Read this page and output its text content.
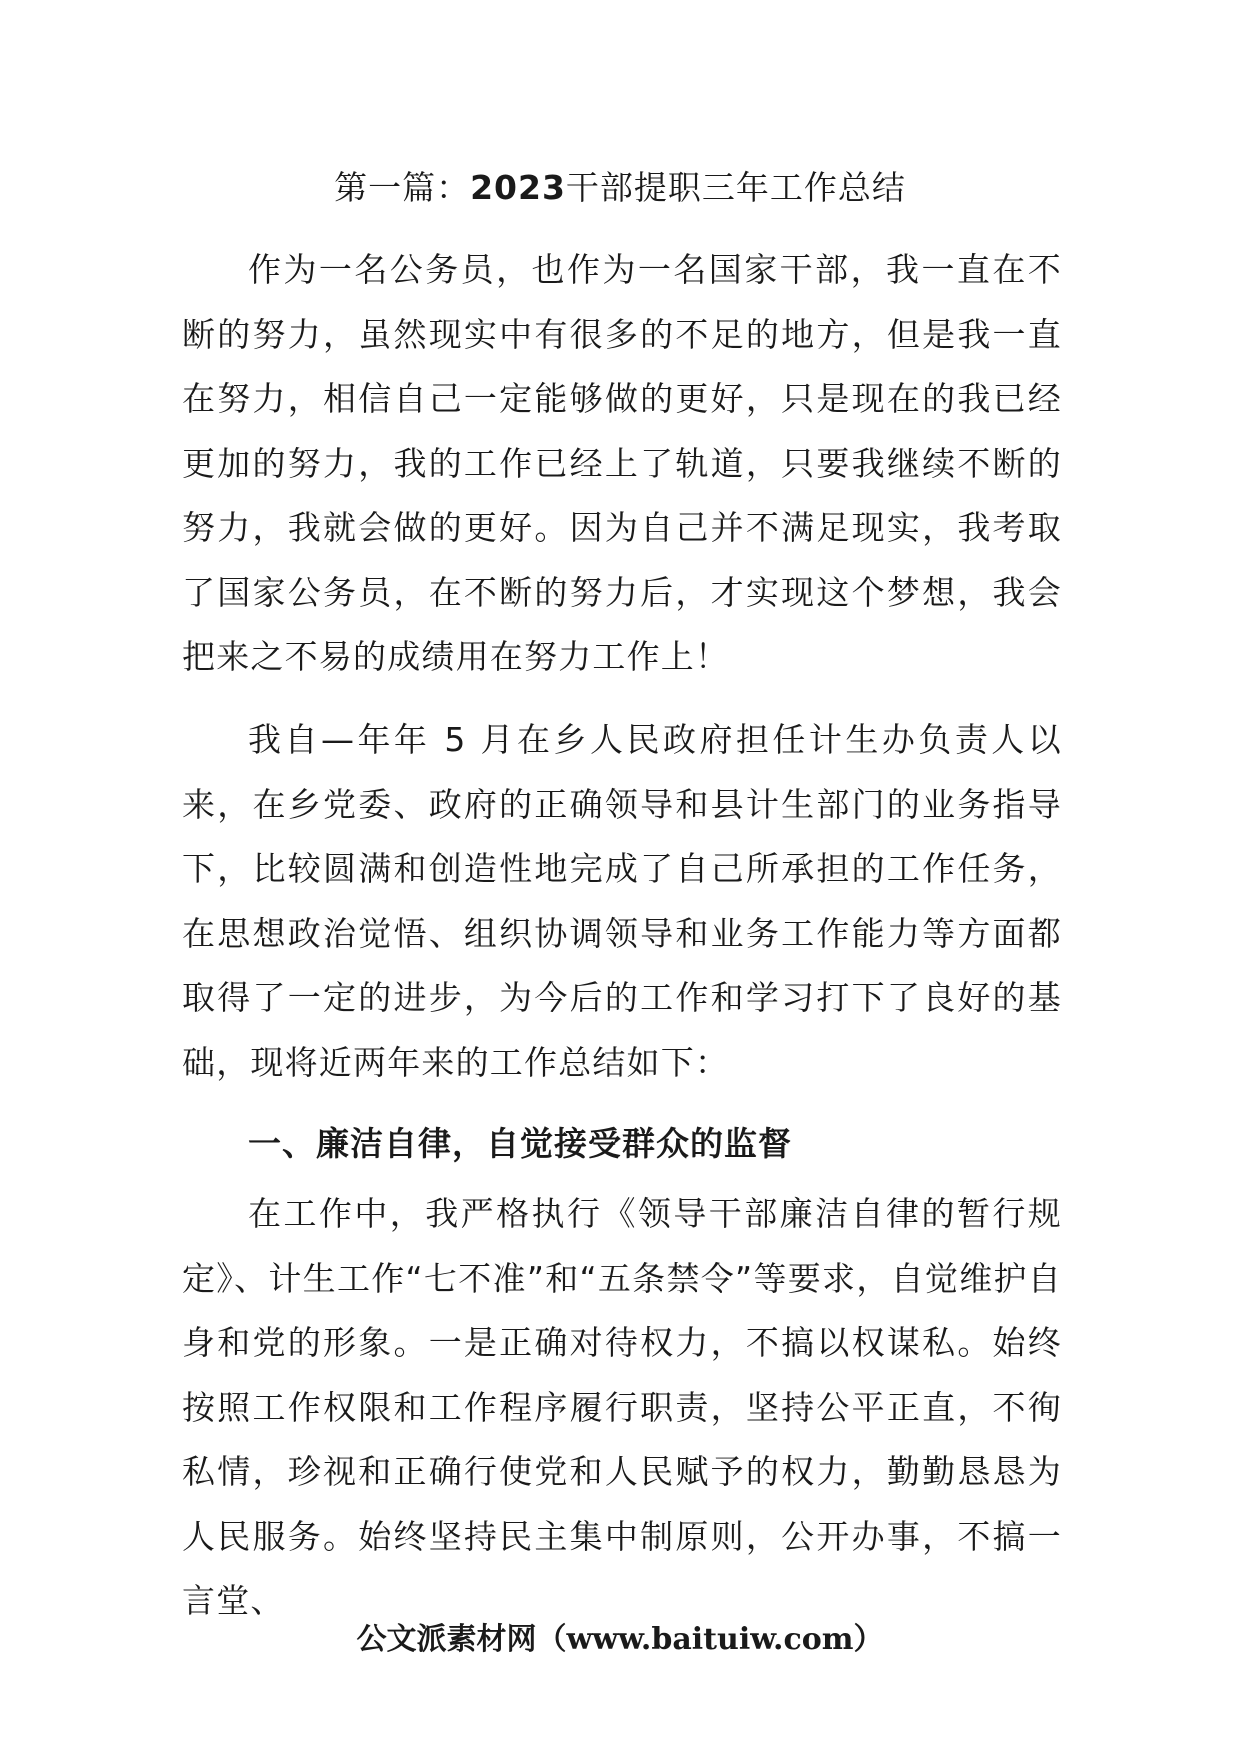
第一篇：2023干部提职三年工作总结

作为一名公务员，也作为一名国家干部，我一直在不断的努力，虽然现实中有很多的不足的地方，但是我一直在努力，相信自己一定能够做的更好，只是现在的我已经更加的努力，我的工作已经上了轨道，只要我继续不断的努力，我就会做的更好。因为自己并不满足现实，我考取了国家公务员，在不断的努力后，才实现这个梦想，我会把来之不易的成绩用在努力工作上！

我自—年年 5 月在乡人民政府担任计生办负责人以来，在乡党委、政府的正确领导和县计生部门的业务指导下，比较圆满和创造性地完成了自己所承担的工作任务，在思想政治觉悟、组织协调领导和业务工作能力等方面都取得了一定的进步，为今后的工作和学习打下了良好的基础，现将近两年来的工作总结如下：

一、廉洁自律，自觉接受群众的监督

在工作中，我严格执行《领导干部廉洁自律的暂行规定》、计生工作“七不准”和“五条禁令”等要求，自觉维护自身和党的形象。一是正确对待权力，不搞以权谋私。始终按照工作权限和工作程序履行职责，坚持公平正直，不徇私情，珍视和正确行使党和人民赋予的权力，勤勤恳恳为人民服务。始终坚持民主集中制原则，公开办事，不搞一言堂、

公文派素材网（www.baituiw.com）
